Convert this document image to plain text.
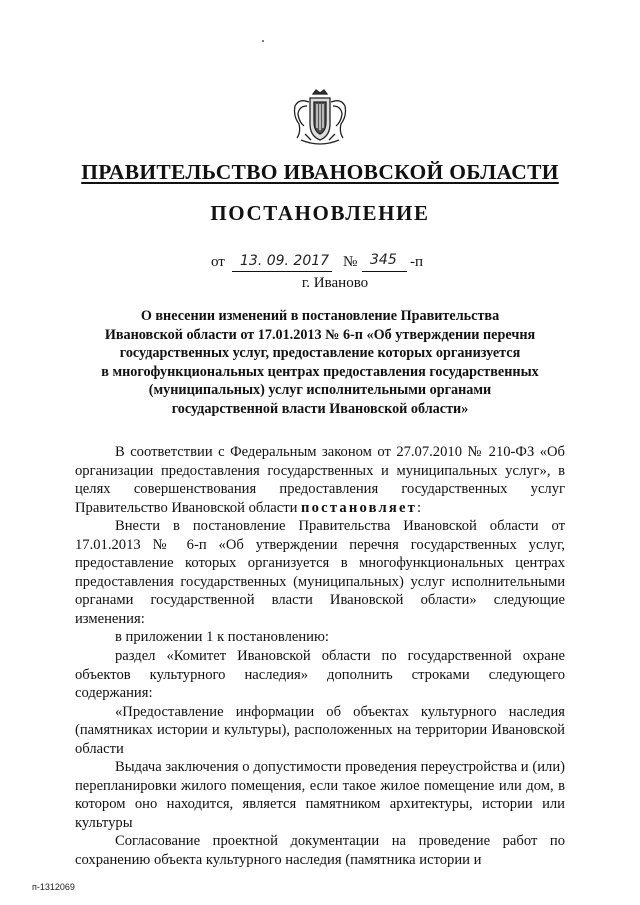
ПРАВИТЕЛЬСТВО ИВАНОВСКОЙ ОБЛАСТИ
ПОСТАНОВЛЕНИЕ
от 13. 09. 2017 № 345 -п
г. Иваново
О внесении изменений в постановление Правительства
Ивановской области от 17.01.2013 № 6-п «Об утверждении перечня
государственных услуг, предоставление которых организуется
в многофункциональных центрах предоставления государственных
(муниципальных) услуг исполнительными органами
государственной власти Ивановской области»

В соответствии с Федеральным законом от 27.07.2010 № 210-ФЗ «Об организации предоставления государственных и муниципальных услуг», в целях совершенствования предоставления государственных услуг Правительство Ивановской области постановляет:

Внести в постановление Правительства Ивановской области от 17.01.2013 № 6-п «Об утверждении перечня государственных услуг, предоставление которых организуется в многофункциональных центрах предоставления государственных (муниципальных) услуг исполнительными органами государственной власти Ивановской области» следующие изменения:

в приложении 1 к постановлению:

раздел «Комитет Ивановской области по государственной охране объектов культурного наследия» дополнить строками следующего содержания:

«Предоставление информации об объектах культурного наследия (памятниках истории и культуры), расположенных на территории Ивановской области

Выдача заключения о допустимости проведения переустройства и (или) перепланировки жилого помещения, если такое жилое помещение или дом, в котором оно находится, является памятником архитектуры, истории или культуры

Согласование проектной документации на проведение работ по сохранению объекта культурного наследия (памятника истории и

п-1312069
